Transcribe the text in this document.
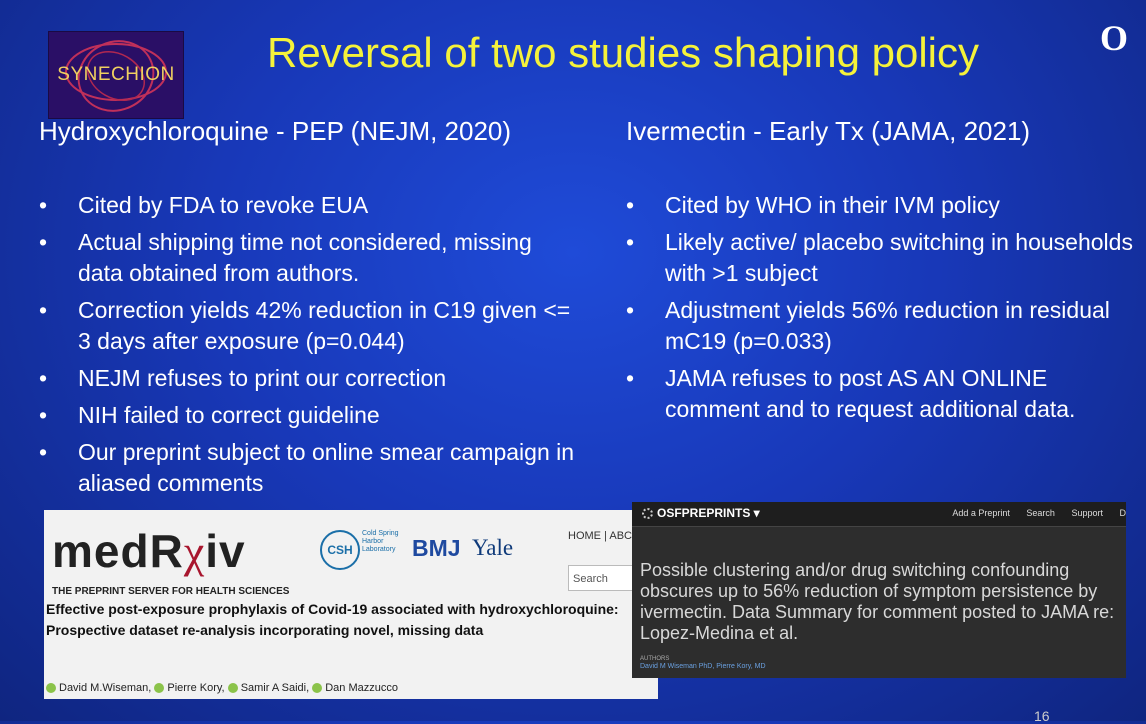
SYNECHION	Reversal of two studies shaping policy	O
Hydroxychloroquine - PEP (NEJM, 2020)	Ivermectin - Early Tx (JAMA, 2021)
• Cited by FDA to revoke EUA
• Actual shipping time not considered, missing data obtained from authors.
• Correction yields 42% reduction in C19 given <= 3 days after exposure (p=0.044)
• NEJM refuses to print our correction
• NIH failed to correct guideline
• Our preprint subject to online smear campaign in aliased comments
• Cited by WHO in their IVM policy
• Likely active/ placebo switching in households with >1 subject
• Adjustment yields 56% reduction in residual mC19 (p=0.033)
• JAMA refuses to post AS AN ONLINE comment and to request additional data.
medRχiv
THE PREPRINT SERVER FOR HEALTH SCIENCES
CSH
Cold Spring Harbor Laboratory BMJ Yale	HOME | ABC
Search
Effective post-exposure prophylaxis of Covid-19 associated with hydroxychloroquine: Prospective dataset re-analysis incorporating novel, missing data
David M.Wiseman, Pierre Kory, Samir A Saidi, Dan Mazzucco
OSFPREPRINTS ▾	Add a Preprint Search Support D
Possible clustering and/or drug switching confounding obscures up to 56% reduction of symptom persistence by ivermectin. Data Summary for comment posted to JAMA re: Lopez-Medina et al.
AUTHORS
David M Wiseman PhD, Pierre Kory, MD
16
